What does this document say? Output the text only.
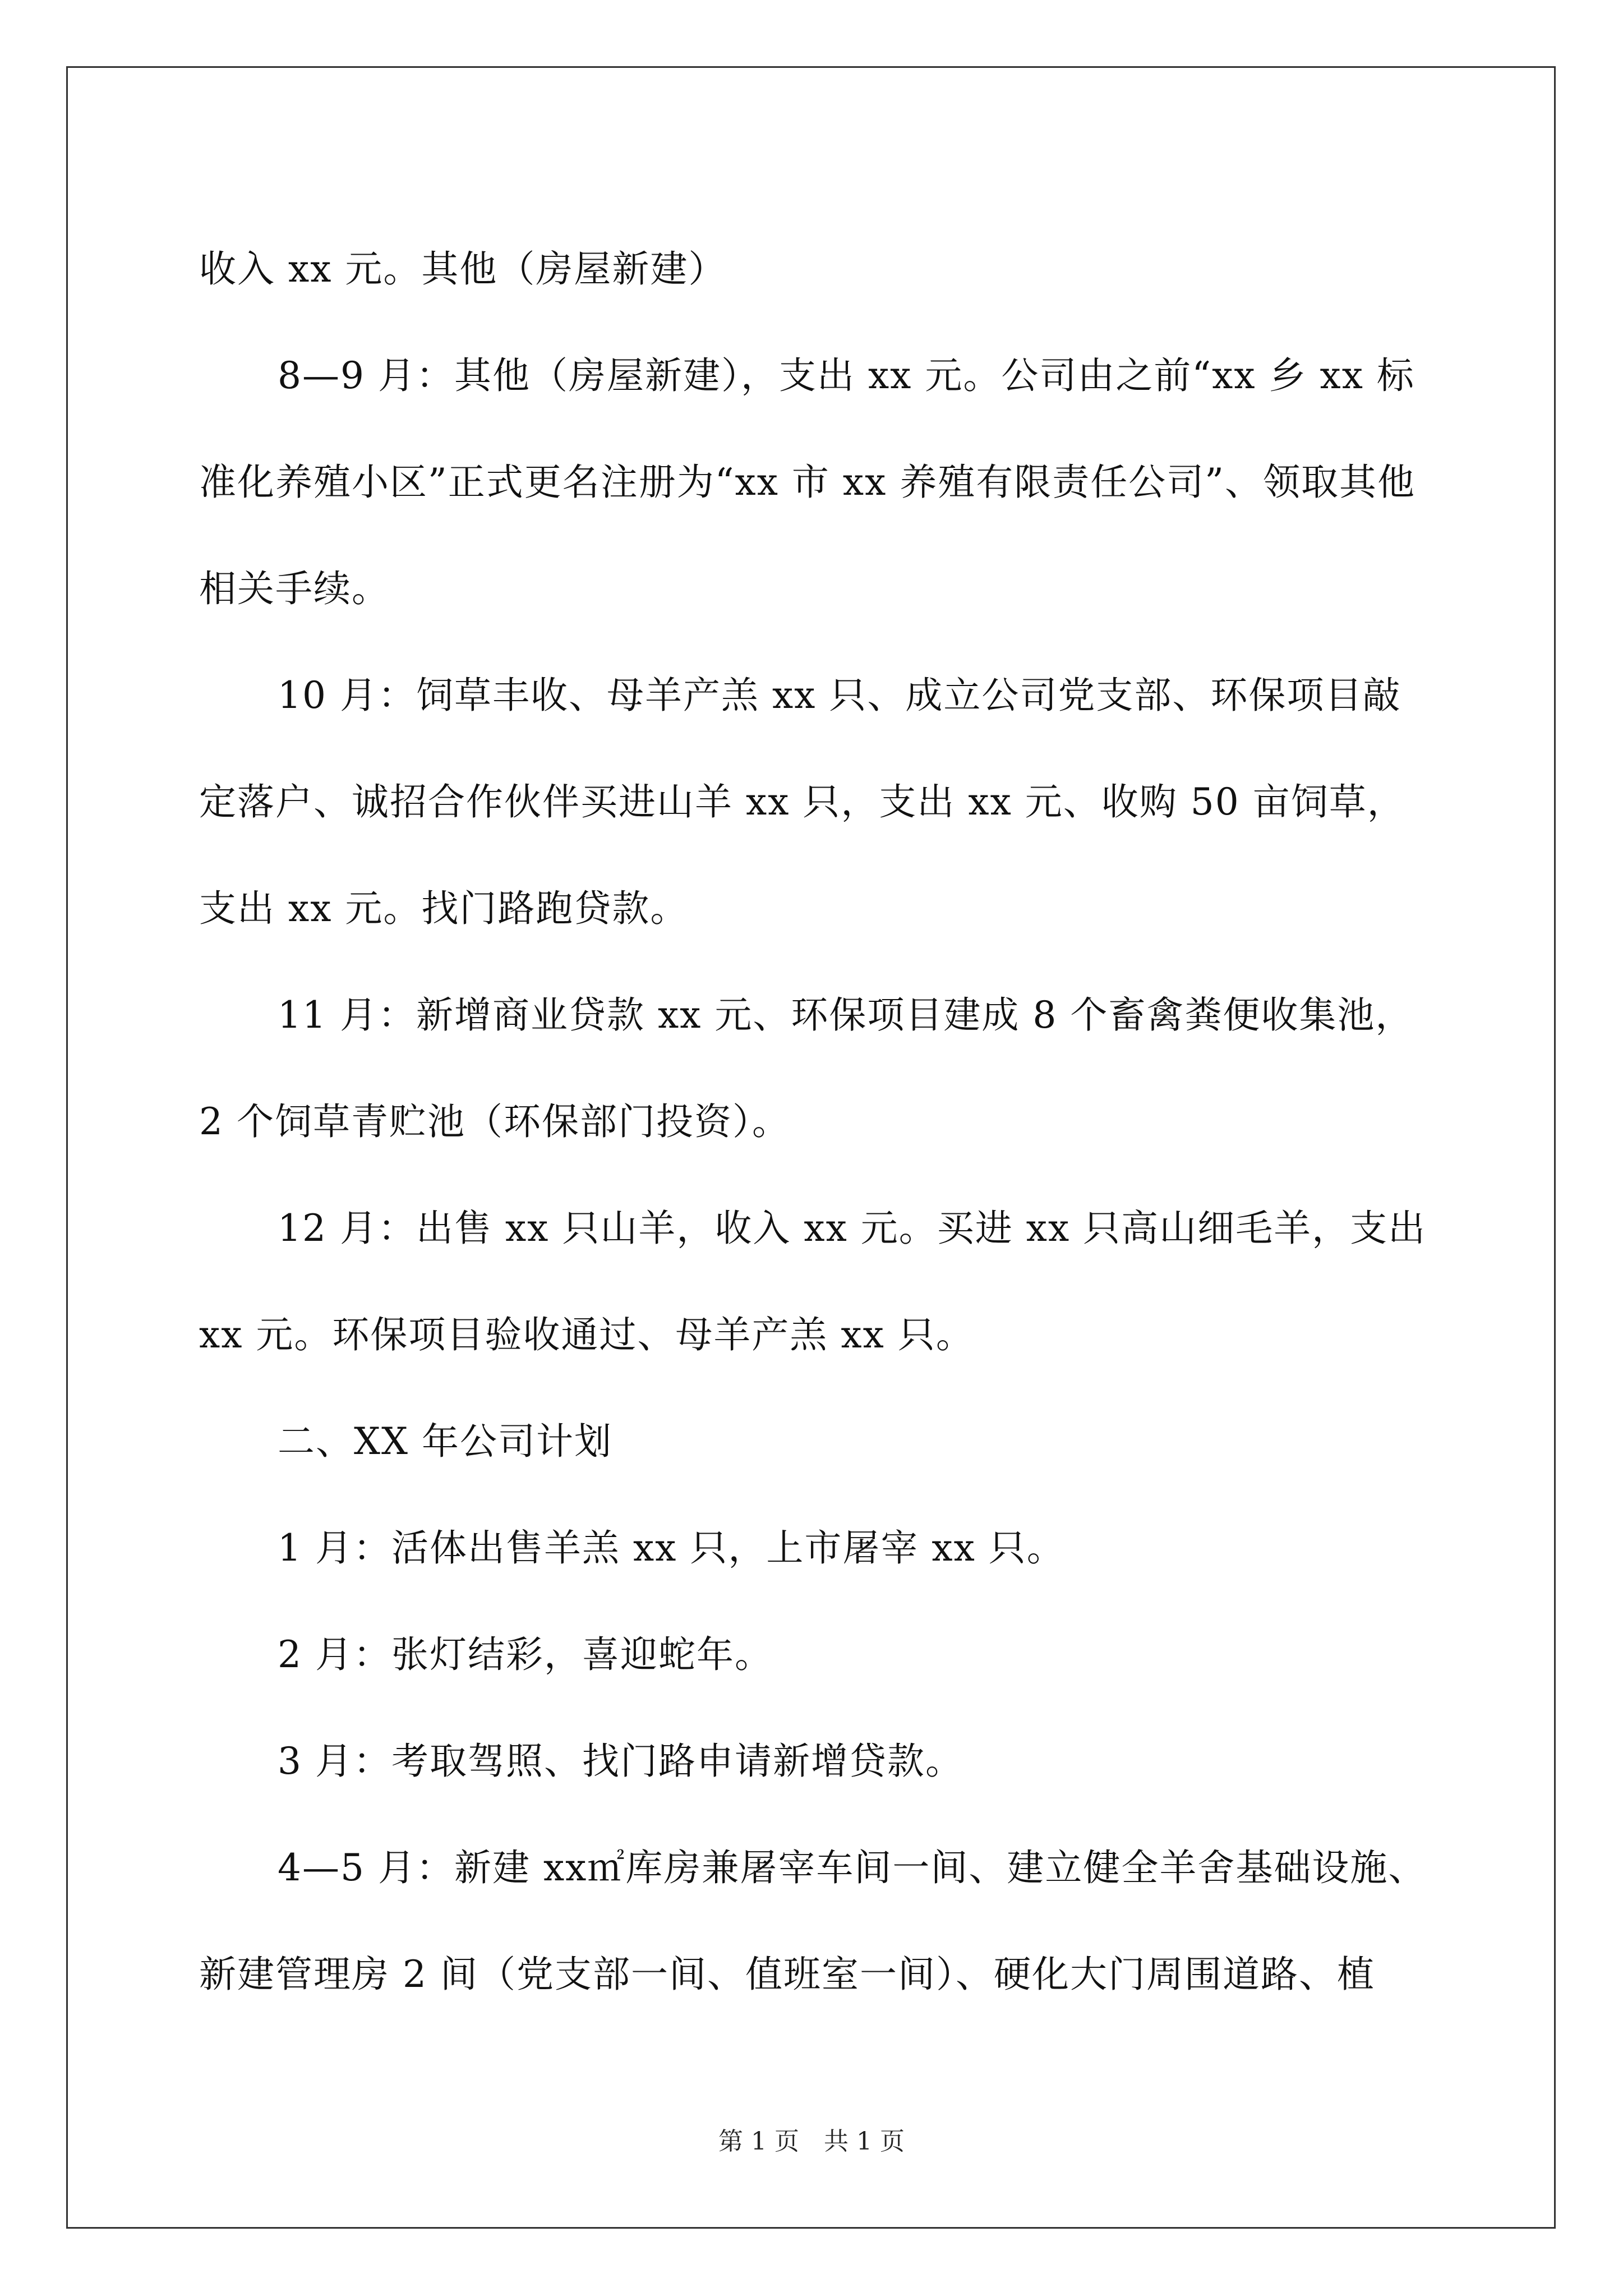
收入 xx 元。其他（房屋新建）

8—9 月：其他（房屋新建），支出 xx 元。公司由之前“xx 乡 xx 标准化养殖小区”正式更名注册为“xx 市 xx 养殖有限责任公司”、领取其他相关手续。

10 月：饲草丰收、母羊产羔 xx 只、成立公司党支部、环保项目敲定落户、诚招合作伙伴买进山羊 xx 只，支出 xx 元、收购 50 亩饲草，支出 xx 元。找门路跑贷款。

11 月：新增商业贷款 xx 元、环保项目建成 8 个畜禽粪便收集池，2 个饲草青贮池（环保部门投资）。

12 月：出售 xx 只山羊，收入 xx 元。买进 xx 只高山细毛羊，支出 xx 元。环保项目验收通过、母羊产羔 xx 只。

二、XX 年公司计划

1 月：活体出售羊羔 xx 只，上市屠宰 xx 只。

2 月：张灯结彩，喜迎蛇年。

3 月：考取驾照、找门路申请新增贷款。

4—5 月：新建 xx㎡库房兼屠宰车间一间、建立健全羊舍基础设施、新建管理房 2 间（党支部一间、值班室一间）、硬化大门周围道路、植

第 1 页　共 1 页
